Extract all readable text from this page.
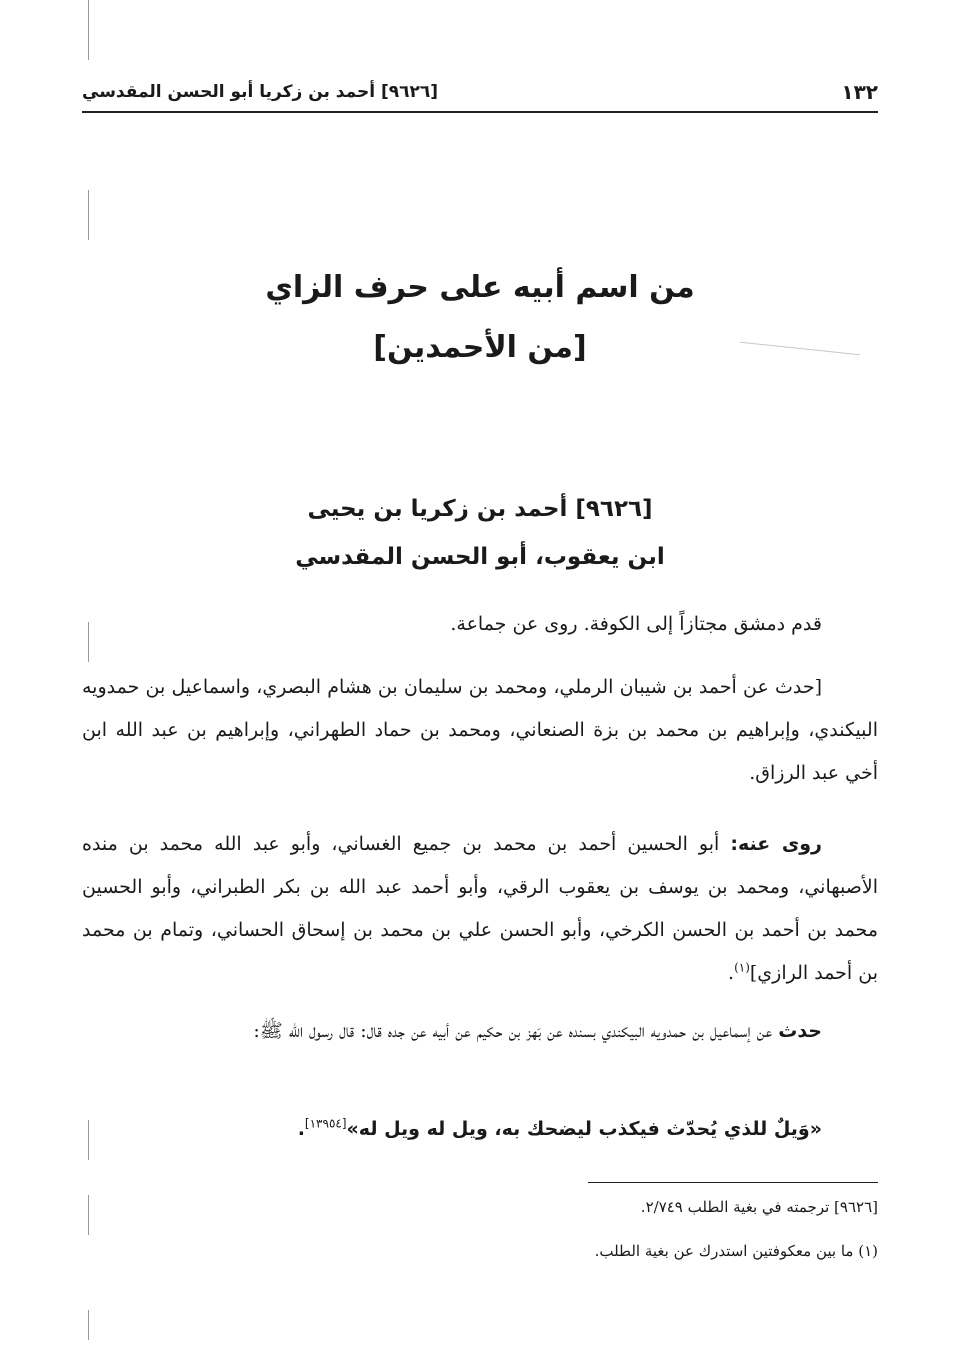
١٣٢
[٩٦٢٦] أحمد بن زكريا أبو الحسن المقدسي
من اسم أبيه على حرف الزاي
[من الأحمدين]
[٩٦٢٦] أحمد بن زكريا بن يحيى
ابن يعقوب، أبو الحسن المقدسي

قدم دمشق مجتازاً إلى الكوفة. روى عن جماعة.

[حدث عن أحمد بن شيبان الرملي، ومحمد بن سليمان بن هشام البصري، واسماعيل بن حمدويه البيكندي، وإبراهيم بن محمد بن بزة الصنعاني، ومحمد بن حماد الطهراني، وإبراهيم بن عبد الله ابن أخي عبد الرزاق.

روى عنه: أبو الحسين أحمد بن محمد بن جميع الغساني، وأبو عبد الله محمد بن منده الأصبهاني، ومحمد بن يوسف بن يعقوب الرقي، وأبو أحمد عبد الله بن بكر الطبراني، وأبو الحسين محمد بن أحمد بن الحسن الكرخي، وأبو الحسن علي بن محمد بن إسحاق الحساني، وتمام بن محمد بن أحمد الرازي]$^{(١)}$.

حدث عن إسماعيل بن حمدويه البيكندي بسنده عن بَهز بن حكيم عن أبيه عن جده قال: قال رسول الله ﷺ:

«وَيلٌ للذي يُحدّث فيكذب ليضحك به، ويل له ويل له»[١٣٩٥٤].

[٩٦٢٦] ترجمته في بغية الطلب ٢/٧٤٩.
(١) ما بين معكوفتين استدرك عن بغية الطلب.
